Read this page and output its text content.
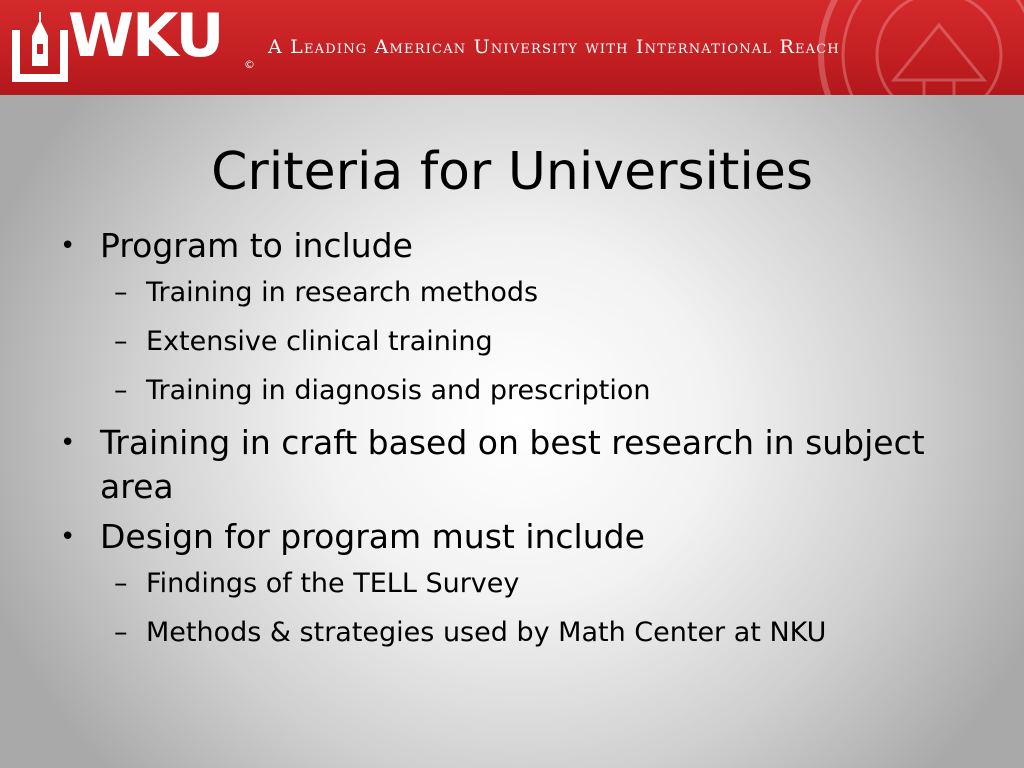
WKU ©
A Leading American University with International Reach
Criteria for Universities
• Program to include
– Training in research methods
– Extensive clinical training
– Training in diagnosis and prescription
• Training in craft based on best research in subject area
• Design for program must include
– Findings of the TELL Survey
– Methods & strategies used by Math Center at NKU
